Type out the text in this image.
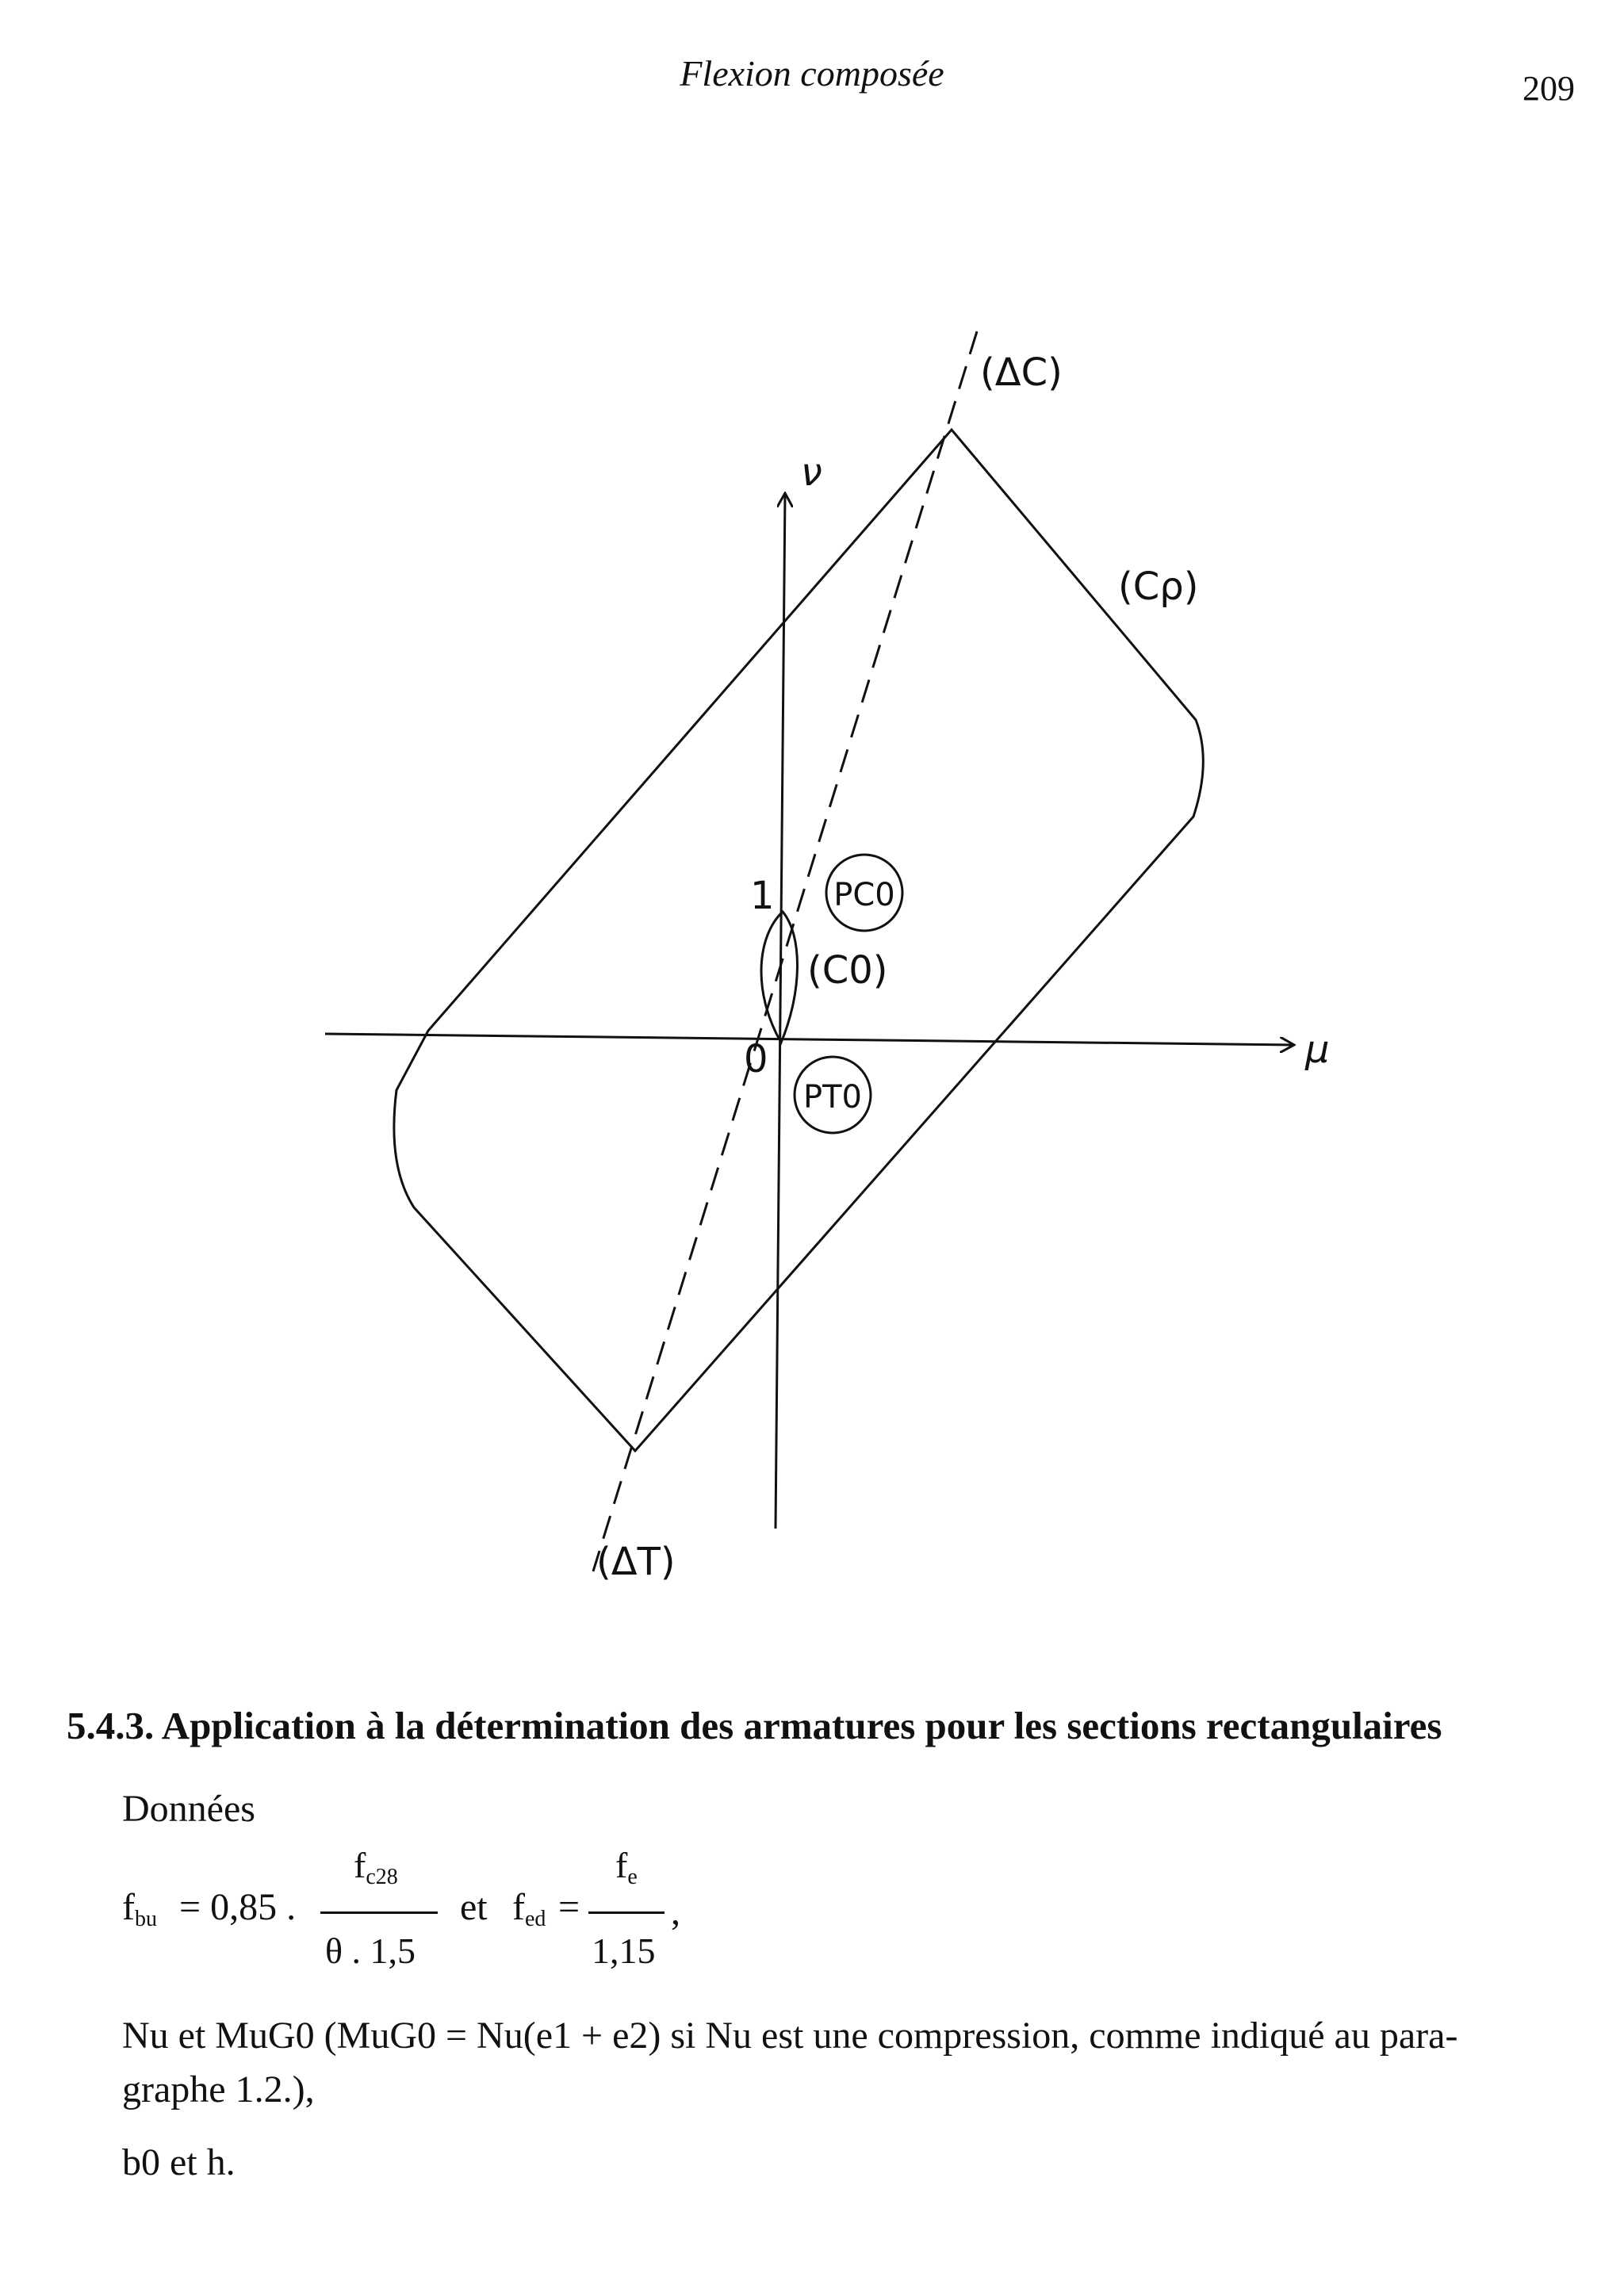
Flexion composée	209
ν
μ
(ΔC)
(ΔT)
(Cρ)
(C0)
PC0
PT0
1
0
5.4.3. Application à la détermination des armatures pour les sections rectangulaires
Données
$f_{bu} = 0,85$ .
$f_{c28}$
θ . 1,5
et $f_{ed}$ =
$f_e$
1,15
,
Nu et MuG0 (MuG0 = Nu(e1 + e2) si Nu est une compression, comme indiqué au para-
graphe 1.2.),
b0 et h.
